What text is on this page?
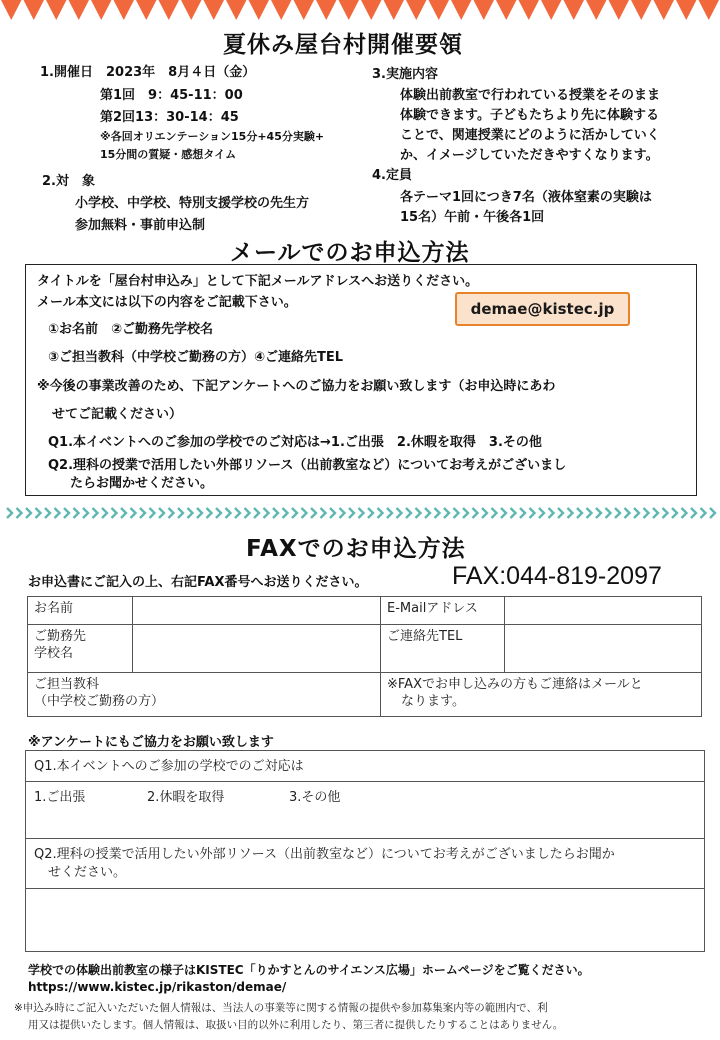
夏休み屋台村開催要領
1.開催日　2023年　8月４日（金）
第1回　9：45-11：00
第2回13：30-14：45
※各回オリエンテーション15分+45分実験+
15分間の質疑・感想タイム
2.対　象
小学校、中学校、特別支援学校の先生方
参加無料・事前申込制
3.実施内容
体験出前教室で行われている授業をそのまま
体験できます。子どもたちより先に体験する
ことで、関連授業にどのように活かしていく
か、イメージしていただきやすくなります。
4.定員
各テーマ1回につき7名（液体窒素の実験は
15名）午前・午後各1回
メールでのお申込方法
タイトルを「屋台村申込み」として下記メールアドレスへお送りください。
メール本文には以下の内容をご記載下さい。	demae@kistec.jp
①お名前　②ご勤務先学校名
③ご担当教科（中学校ご勤務の方）④ご連絡先TEL
※今後の事業改善のため、下記アンケートへのご協力をお願い致します（お申込時にあわ
せてご記載ください）
Q1.本イベントへのご参加の学校でのご対応は→1.ご出張　2.休暇を取得　3.その他
Q2.理科の授業で活用したい外部リソース（出前教室など）についてお考えがございまし
たらお聞かせください。
FAXでのお申込方法
お申込書にご記入の上、右記FAX番号へお送りください。	FAX:044-819-2097
お名前		E-Mailアドレス	
ご勤務先
学校名		ご連絡先TEL	
ご担当教科
（中学校ご勤務の方）		※FAXでお申し込みの方もご連絡はメールと
なります。	
※アンケートにもご協力をお願い致します
Q1.本イベントへのご参加の学校でのご対応は
1.ご出張	2.休暇を取得	3.その他
Q2.理科の授業で活用したい外部リソース（出前教室など）についてお考えがございましたらお聞か
せください。
学校での体験出前教室の様子はKISTEC「りかすとんのサイエンス広場」ホームページをご覧ください。
https://www.kistec.jp/rikaston/demae/
※申込み時にご記入いただいた個人情報は、当法人の事業等に関する情報の提供や参加募集案内等の範囲内で、利
用又は提供いたします。個人情報は、取扱い目的以外に利用したり、第三者に提供したりすることはありません。
